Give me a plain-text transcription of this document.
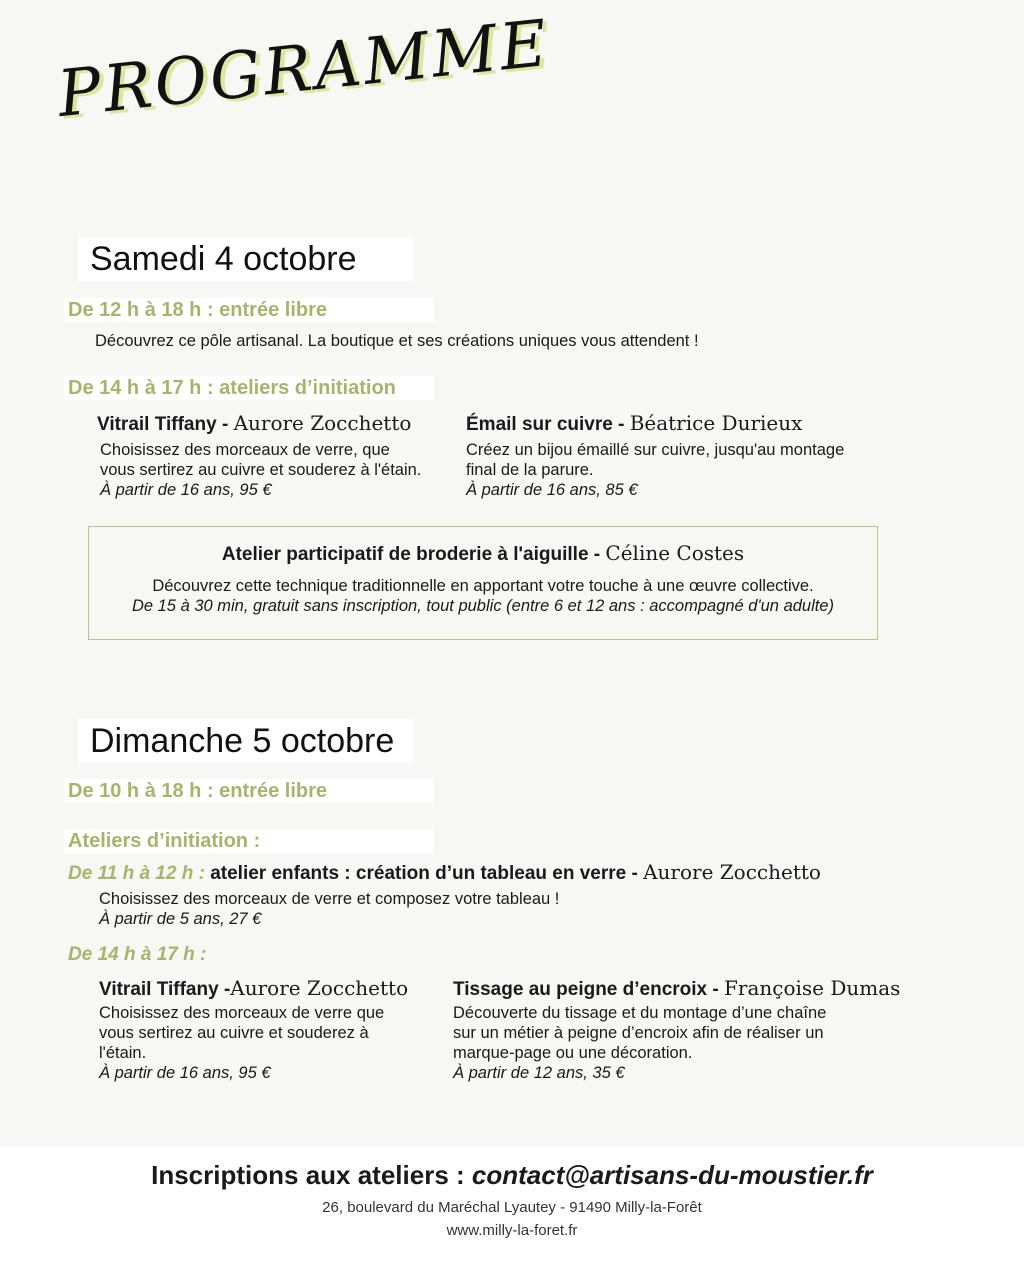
PROGRAMME
Samedi 4 octobre
De 12 h à 18 h : entrée libre
Découvrez ce pôle artisanal. La boutique et ses créations uniques vous attendent !
De 14 h à 17 h : ateliers d’initiation
Vitrail Tiffany - Aurore Zocchetto
Choisissez des morceaux de verre, que
vous sertirez au cuivre et souderez à l'étain.
À partir de 16 ans, 95 €
Émail sur cuivre - Béatrice Durieux
Créez un bijou émaillé sur cuivre, jusqu'au montage
final de la parure.
À partir de 16 ans, 85 €
Atelier participatif de broderie à l'aiguille - Céline Costes
Découvrez cette technique traditionnelle en apportant votre touche à une œuvre collective.
De 15 à 30 min, gratuit sans inscription, tout public (entre 6 et 12 ans : accompagné d'un adulte)
Dimanche 5 octobre
De 10 h à 18 h : entrée libre
Ateliers d’initiation :
De 11 h à 12 h : atelier enfants : création d’un tableau en verre - Aurore Zocchetto
Choisissez des morceaux de verre et composez votre tableau !
À partir de 5 ans, 27 €
De 14 h à 17 h :
Vitrail Tiffany -Aurore Zocchetto
Choisissez des morceaux de verre que
vous sertirez au cuivre et souderez à
l'étain.
À partir de 16 ans, 95 €
Tissage au peigne d’encroix - Françoise Dumas
Découverte du tissage et du montage d’une chaîne
sur un métier à peigne d’encroix afin de réaliser un
marque-page ou une décoration.
À partir de 12 ans, 35 €
Inscriptions aux ateliers : contact@artisans-du-moustier.fr
26, boulevard du Maréchal Lyautey - 91490 Milly-la-Forêt
www.milly-la-foret.fr
